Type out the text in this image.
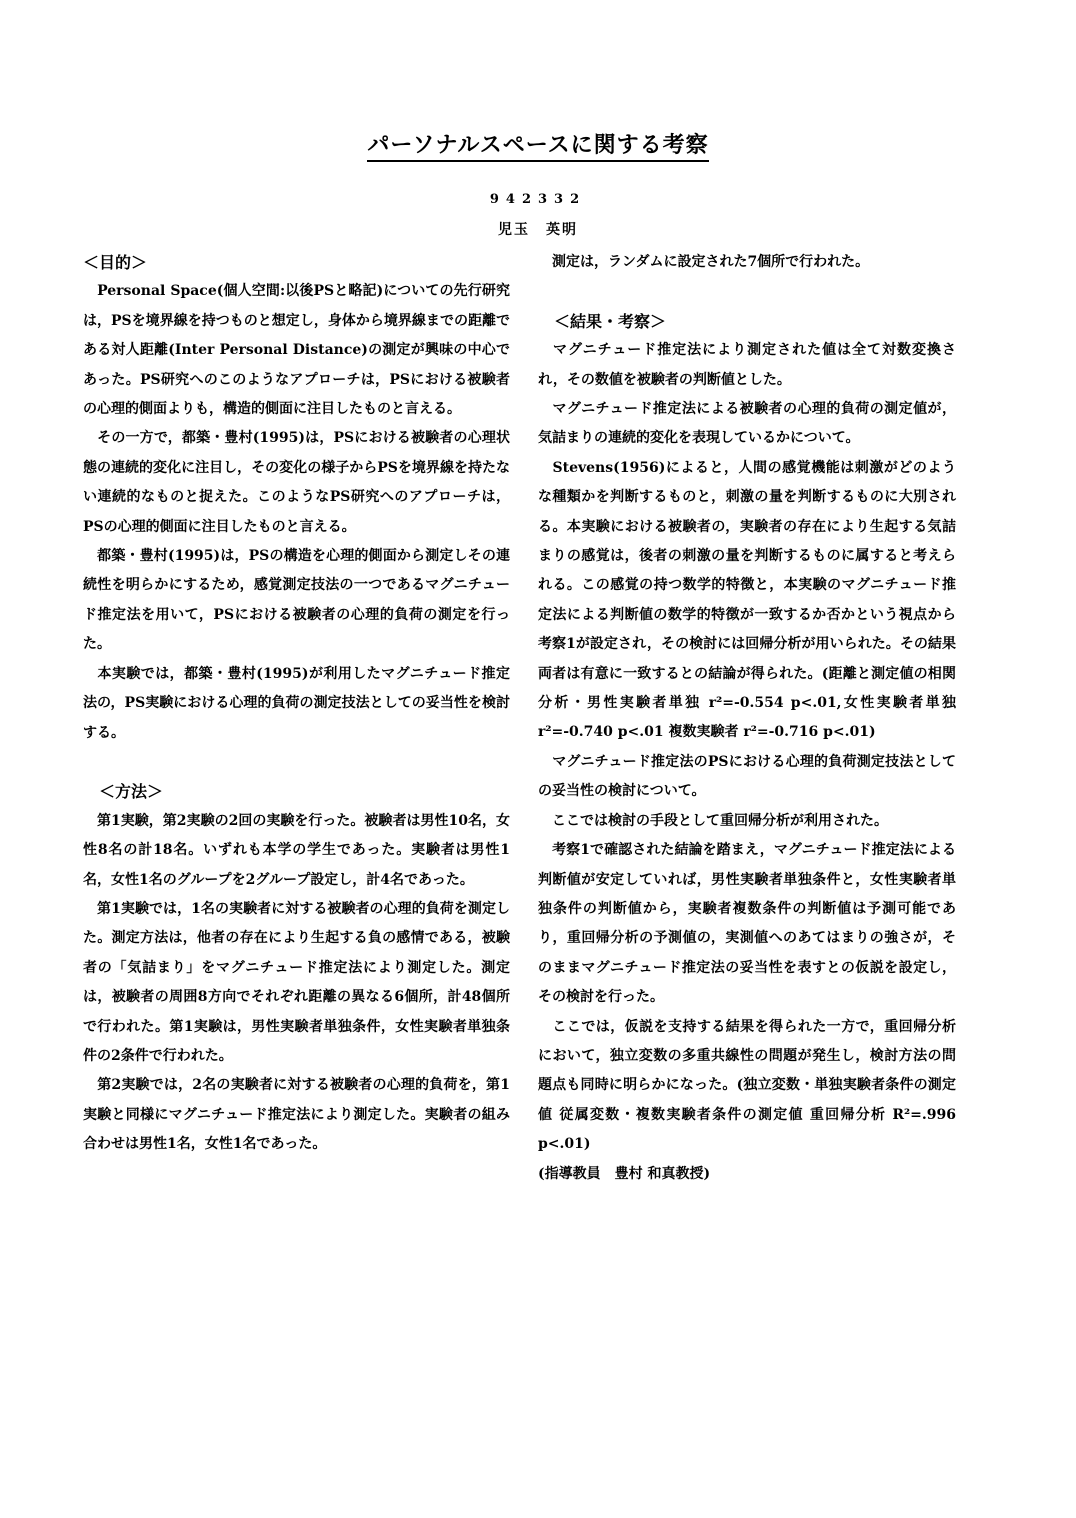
パーソナルスペースに関する考察
942332
児玉　英明

＜目的＞

　Personal Space(個人空間:以後PSと略記)についての先行研究は，PSを境界線を持つものと想定し，身体から境界線までの距離である対人距離(Inter Personal Distance)の測定が興味の中心であった。PS研究へのこのようなアプローチは，PSにおける被験者の心理的側面よりも，構造的側面に注目したものと言える。

　その一方で，都築・豊村(1995)は，PSにおける被験者の心理状態の連続的変化に注目し，その変化の様子からPSを境界線を持たない連続的なものと捉えた。このようなPS研究へのアプローチは，PSの心理的側面に注目したものと言える。

　都築・豊村(1995)は，PSの構造を心理的側面から測定しその連続性を明らかにするため，感覚測定技法の一つであるマグニチュード推定法を用いて，PSにおける被験者の心理的負荷の測定を行った。

　本実験では，都築・豊村(1995)が利用したマグニチュード推定法の，PS実験における心理的負荷の測定技法としての妥当性を検討する。

　＜方法＞

　第1実験，第2実験の2回の実験を行った。被験者は男性10名，女性8名の計18名。いずれも本学の学生であった。実験者は男性1名，女性1名のグループを2グループ設定し，計4名であった。

　第1実験では，1名の実験者に対する被験者の心理的負荷を測定した。測定方法は，他者の存在により生起する負の感情である，被験者の「気詰まり」をマグニチュード推定法により測定した。測定は，被験者の周囲8方向でそれぞれ距離の異なる6個所，計48個所で行われた。第1実験は，男性実験者単独条件，女性実験者単独条件の2条件で行われた。

　第2実験では，2名の実験者に対する被験者の心理的負荷を，第1実験と同様にマグニチュード推定法により測定した。実験者の組み合わせは男性1名，女性1名であった。

　測定は，ランダムに設定された7個所で行われた。

　＜結果・考察＞

　マグニチュード推定法により測定された値は全て対数変換され，その数値を被験者の判断値とした。

　マグニチュード推定法による被験者の心理的負荷の測定値が，気詰まりの連続的変化を表現しているかについて。

　Stevens(1956)によると，人間の感覚機能は刺激がどのような種類かを判断するものと，刺激の量を判断するものに大別される。本実験における被験者の，実験者の存在により生起する気詰まりの感覚は，後者の刺激の量を判断するものに属すると考えられる。この感覚の持つ数学的特徴と，本実験のマグニチュード推定法による判断値の数学的特徴が一致するか否かという視点から考察1が設定され，その検討には回帰分析が用いられた。その結果両者は有意に一致するとの結論が得られた。(距離と測定値の相関分析・男性実験者単独 r²=-0.554 p<.01,女性実験者単独 r²=-0.740 p<.01 複数実験者 r²=-0.716 p<.01)

　マグニチュード推定法のPSにおける心理的負荷測定技法としての妥当性の検討について。

　ここでは検討の手段として重回帰分析が利用された。

　考察1で確認された結論を踏まえ，マグニチュード推定法による判断値が安定していれば，男性実験者単独条件と，女性実験者単独条件の判断値から，実験者複数条件の判断値は予測可能であり，重回帰分析の予測値の，実測値へのあてはまりの強さが，そのままマグニチュード推定法の妥当性を表すとの仮説を設定し，その検討を行った。

　ここでは，仮説を支持する結果を得られた一方で，重回帰分析において，独立変数の多重共線性の問題が発生し，検討方法の問題点も同時に明らかになった。(独立変数・単独実験者条件の測定値 従属変数・複数実験者条件の測定値 重回帰分析 R²=.996 p<.01)

(指導教員　豊村 和真教授)
